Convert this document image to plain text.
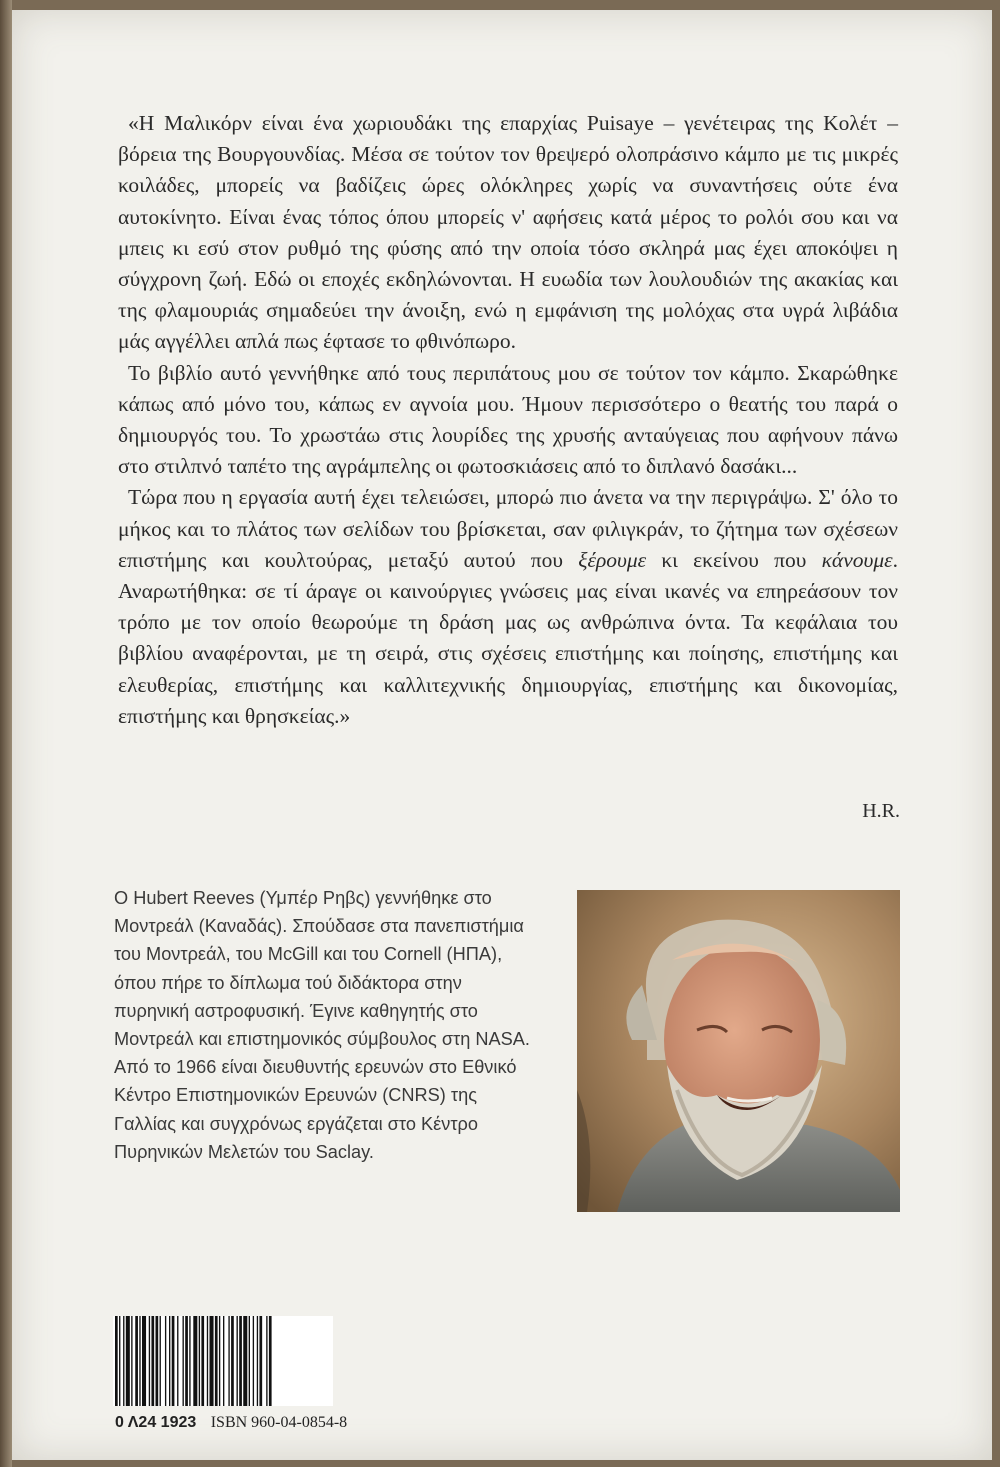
«Η Μαλικόρν είναι ένα χωριουδάκι της επαρχίας Puisaye – γενέτειρας της Κολέτ – βόρεια της Βουργουνδίας. Μέσα σε τούτον τον θρεψερό ολοπράσινο κάμπο με τις μικρές κοιλάδες, μπορείς να βαδίζεις ώρες ολόκληρες χωρίς να συναντήσεις ούτε ένα αυτοκίνητο. Είναι ένας τόπος όπου μπορείς ν' αφήσεις κατά μέρος το ρολόι σου και να μπεις κι εσύ στον ρυθμό της φύσης από την οποία τόσο σκληρά μας έχει αποκόψει η σύγχρονη ζωή. Εδώ οι εποχές εκδηλώνονται. Η ευωδία των λουλουδιών της ακακίας και της φλαμουριάς σημαδεύει την άνοιξη, ενώ η εμφάνιση της μολόχας στα υγρά λιβάδια μάς αγγέλλει απλά πως έφτασε το φθινόπωρο.

Το βιβλίο αυτό γεννήθηκε από τους περιπάτους μου σε τούτον τον κάμπο. Σκαρώθηκε κάπως από μόνο του, κάπως εν αγνοία μου. Ήμουν περισσότερο ο θεατής του παρά ο δημιουργός του. Το χρωστάω στις λουρίδες της χρυσής ανταύγειας που αφήνουν πάνω στο στιλπνό ταπέτο της αγράμπελης οι φωτοσκιάσεις από το διπλανό δασάκι...

Τώρα που η εργασία αυτή έχει τελειώσει, μπορώ πιο άνετα να την περιγράψω. Σ' όλο το μήκος και το πλάτος των σελίδων του βρίσκεται, σαν φιλιγκράν, το ζήτημα των σχέσεων επιστήμης και κουλτούρας, μεταξύ αυτού που ξέρουμε κι εκείνου που κάνουμε. Αναρωτήθηκα: σε τί άραγε οι καινούργιες γνώσεις μας είναι ικανές να επηρεάσουν τον τρόπο με τον οποίο θεωρούμε τη δράση μας ως ανθρώπινα όντα. Τα κεφάλαια του βιβλίου αναφέρονται, με τη σειρά, στις σχέσεις επιστήμης και ποίησης, επιστήμης και ελευθερίας, επιστήμης και καλλιτεχνικής δημιουργίας, επιστήμης και δικονομίας, επιστήμης και θρησκείας.»

H.R.

Ο Hubert Reeves (Υμπέρ Ρηβς) γεννήθηκε στο Μοντρεάλ (Καναδάς). Σπούδασε στα πανεπιστήμια του Μοντρεάλ, του McGill και του Cornell (ΗΠΑ), όπου πήρε το δίπλωμα τού διδάκτορα στην πυρηνική αστροφυσική. Έγινε καθηγητής στο Μοντρεάλ και επιστημονικός σύμβουλος στη NASA. Από το 1966 είναι διευθυντής ερευνών στο Εθνικό Κέντρο Επιστημονικών Ερευνών (CNRS) της Γαλλίας και συγχρόνως εργάζεται στο Κέντρο Πυρηνικών Μελετών του Saclay.

0 Λ24 1923 ISBN 960-04-0854-8
